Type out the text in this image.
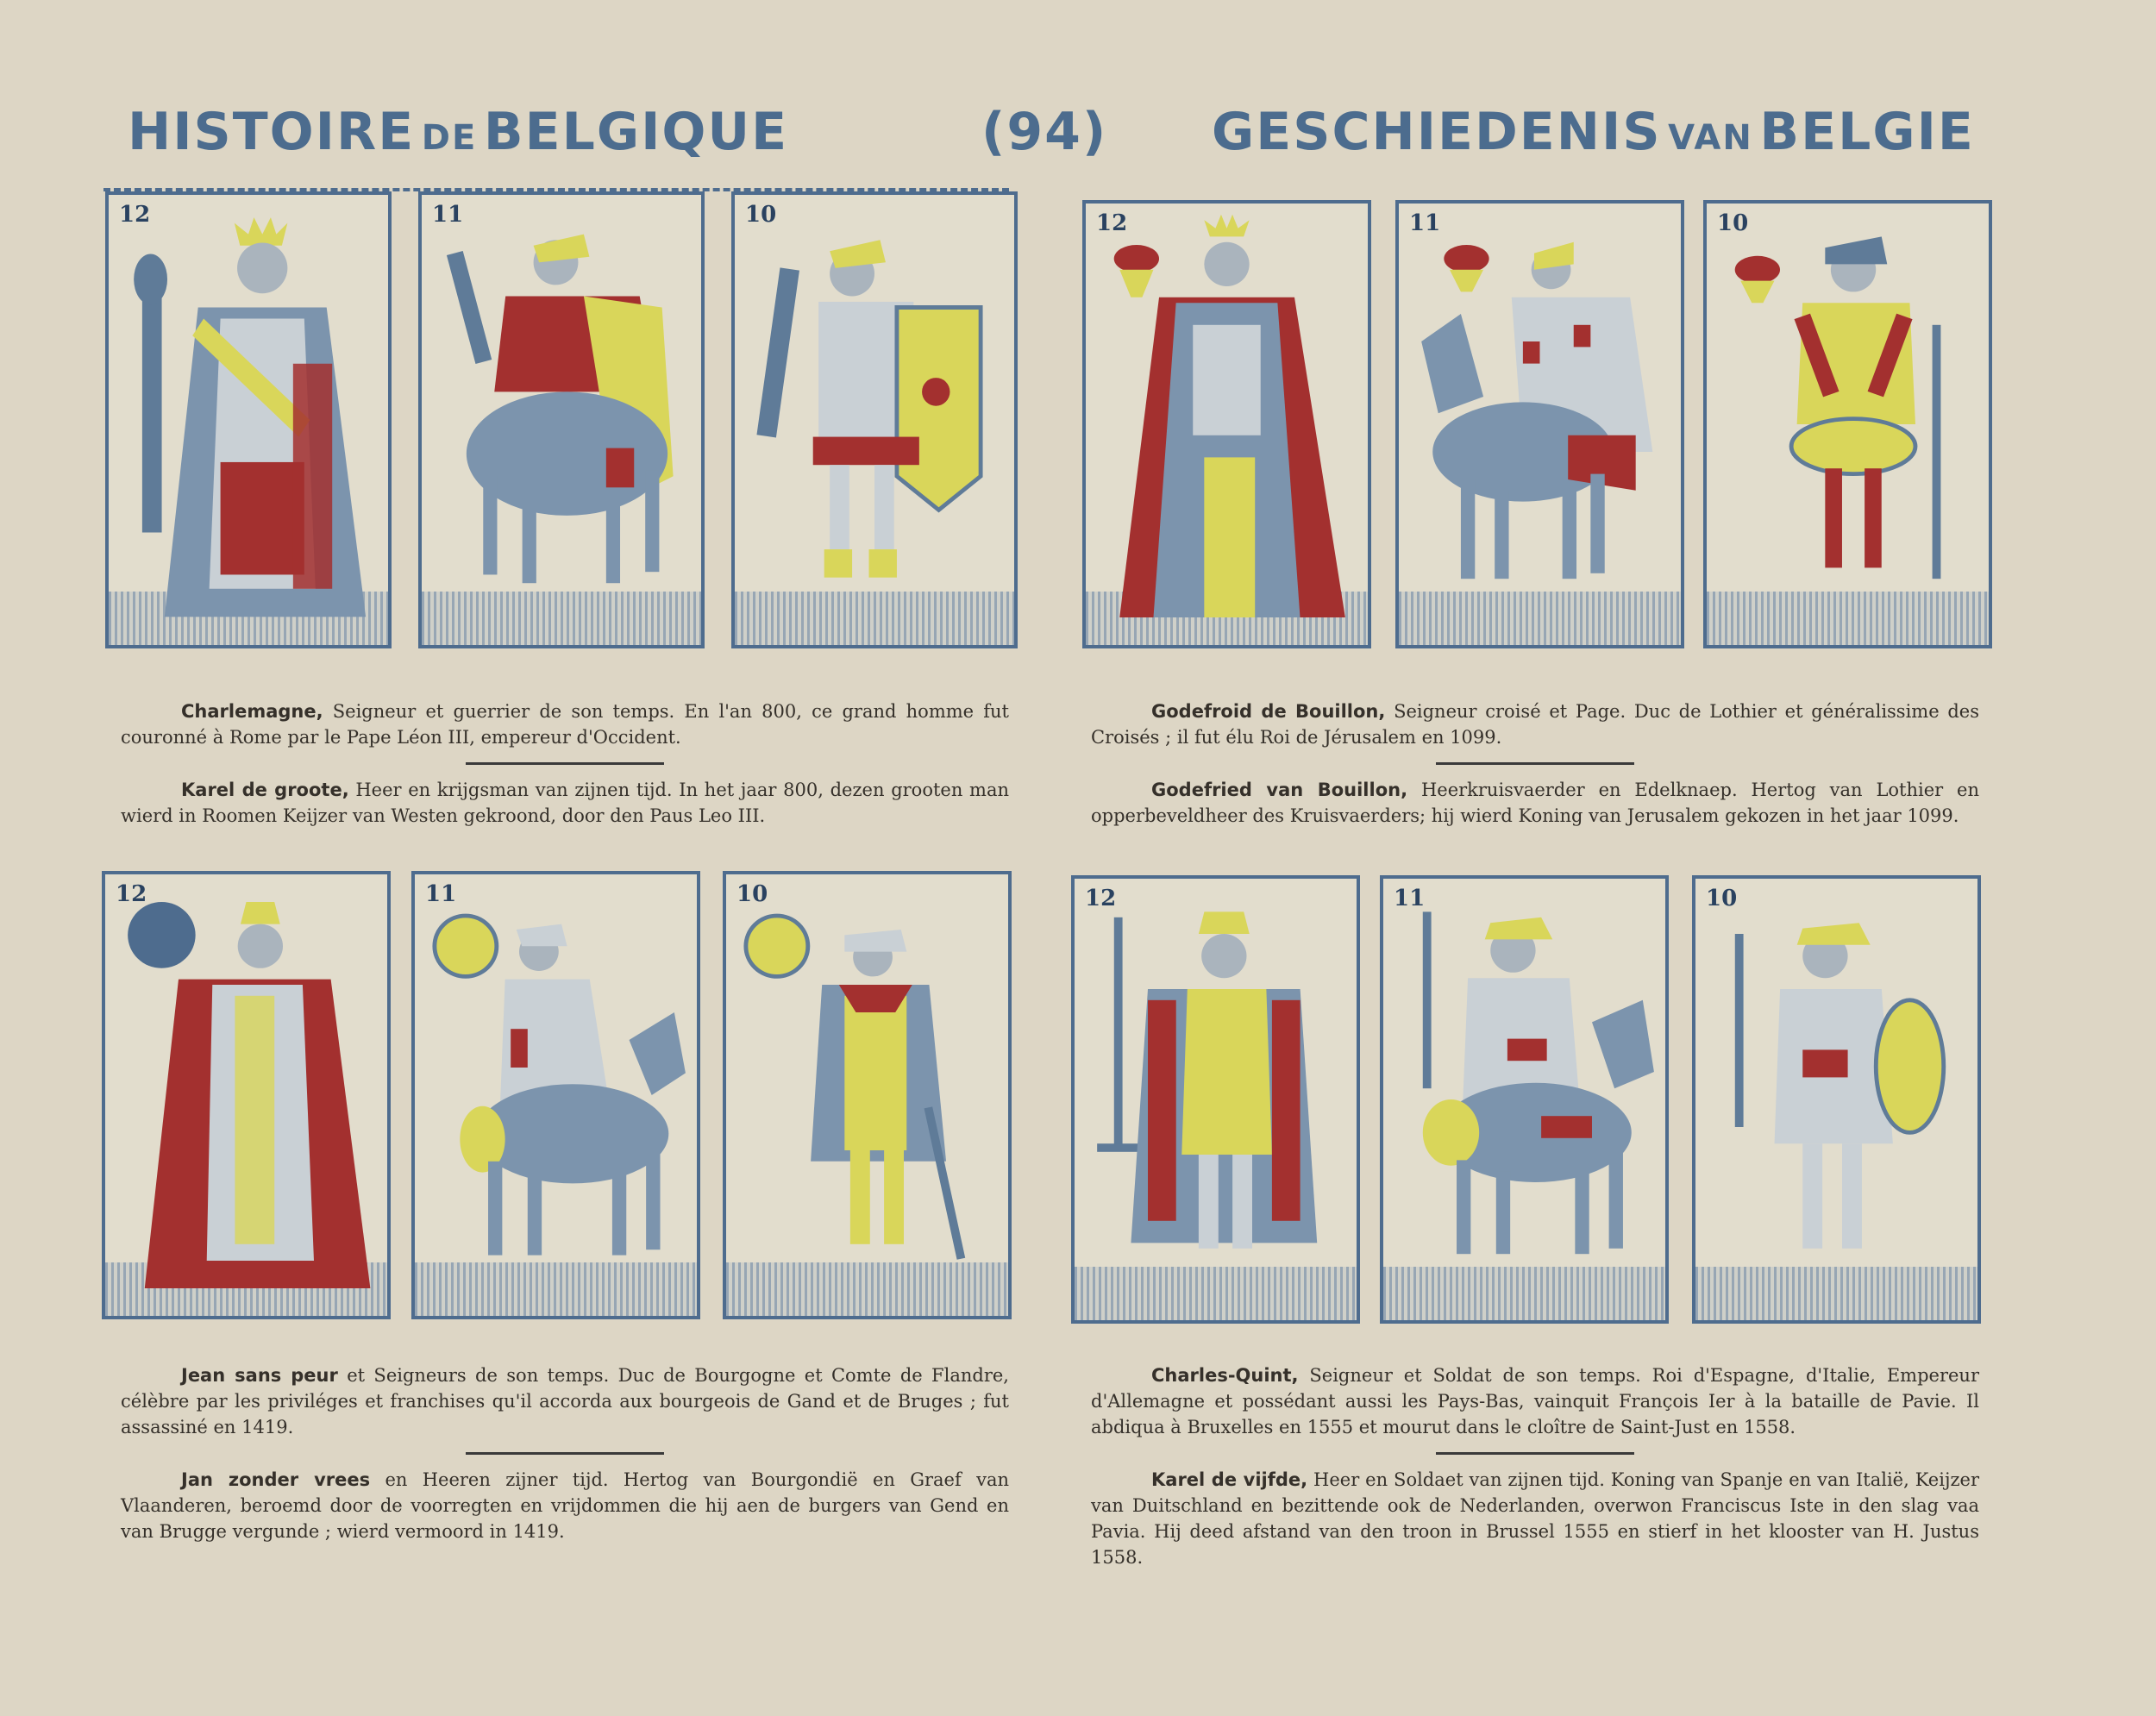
HISTOIRE DE BELGIQUE	(94) GESCHIEDENIS VAN BELGIE
12	11	10	12	11	10

Charlemagne, Seigneur et guerrier de son temps. En l'an 800, ce grand homme fut couronné à Rome par le Pape Léon III, empereur d'Occident.

Karel de groote, Heer en krijgsman van zijnen tijd. In het jaar 800, dezen grooten man wierd in Roomen Keijzer van Westen gekroond, door den Paus Leo III.

Godefroid de Bouillon, Seigneur croisé et Page. Duc de Lothier et généralissime des Croisés ; il fut élu Roi de Jérusalem en 1099.

Godefried van Bouillon, Heerkruisvaerder en Edelknaep. Hertog van Lothier en opperbeveldheer des Kruisvaerders; hij wierd Koning van Jerusalem gekozen in het jaar 1099.

12	11	10	12	11	10

Jean sans peur et Seigneurs de son temps. Duc de Bourgogne et Comte de Flandre, célèbre par les priviléges et franchises qu'il accorda aux bourgeois de Gand et de Bruges ; fut assassiné en 1419.

Jan zonder vrees en Heeren zijner tijd. Hertog van Bourgondië en Graef van Vlaanderen, beroemd door de voorregten en vrijdommen die hij aen de burgers van Gend en van Brugge vergunde ; wierd vermoord in 1419.

Charles-Quint, Seigneur et Soldat de son temps. Roi d'Espagne, d'Italie, Empereur d'Allemagne et possédant aussi les Pays-Bas, vainquit François Ier à la bataille de Pavie. Il abdiqua à Bruxelles en 1555 et mourut dans le cloître de Saint-Just en 1558.

Karel de vijfde, Heer en Soldaet van zijnen tijd. Koning van Spanje en van Italië, Keijzer van Duitschland en bezittende ook de Nederlanden, overwon Franciscus Iste in den slag vaa Pavia. Hij deed afstand van den troon in Brussel 1555 en stierf in het klooster van H. Justus 1558.
